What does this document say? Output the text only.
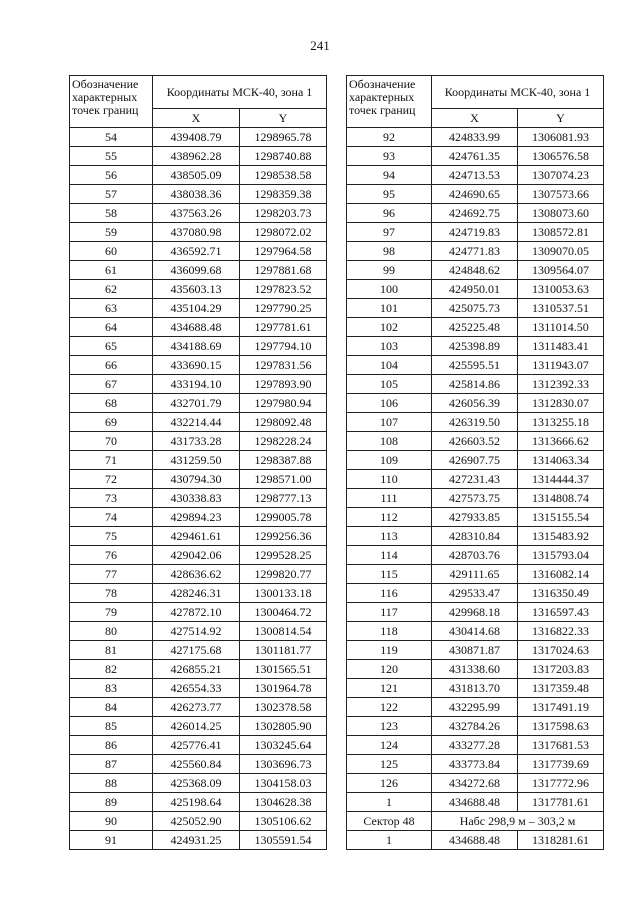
241
Обозначение характерных точек границ	Координаты МСК-40, зона 1	
	X	Y
54	439408.79	1298965.78
55	438962.28	1298740.88
56	438505.09	1298538.58
57	438038.36	1298359.38
58	437563.26	1298203.73
59	437080.98	1298072.02
60	436592.71	1297964.58
61	436099.68	1297881.68
62	435603.13	1297823.52
63	435104.29	1297790.25
64	434688.48	1297781.61
65	434188.69	1297794.10
66	433690.15	1297831.56
67	433194.10	1297893.90
68	432701.79	1297980.94
69	432214.44	1298092.48
70	431733.28	1298228.24
71	431259.50	1298387.88
72	430794.30	1298571.00
73	430338.83	1298777.13
74	429894.23	1299005.78
75	429461.61	1299256.36
76	429042.06	1299528.25
77	428636.62	1299820.77
78	428246.31	1300133.18
79	427872.10	1300464.72
80	427514.92	1300814.54
81	427175.68	1301181.77
82	426855.21	1301565.51
83	426554.33	1301964.78
84	426273.77	1302378.58
85	426014.25	1302805.90
86	425776.41	1303245.64
87	425560.84	1303696.73
88	425368.09	1304158.03
89	425198.64	1304628.38
90	425052.90	1305106.62
91	424931.25	1305591.54
Обозначение характерных точек границ	Координаты МСК-40, зона 1	
	X	Y
92	424833.99	1306081.93
93	424761.35	1306576.58
94	424713.53	1307074.23
95	424690.65	1307573.66
96	424692.75	1308073.60
97	424719.83	1308572.81
98	424771.83	1309070.05
99	424848.62	1309564.07
100	424950.01	1310053.63
101	425075.73	1310537.51
102	425225.48	1311014.50
103	425398.89	1311483.41
104	425595.51	1311943.07
105	425814.86	1312392.33
106	426056.39	1312830.07
107	426319.50	1313255.18
108	426603.52	1313666.62
109	426907.75	1314063.34
110	427231.43	1314444.37
111	427573.75	1314808.74
112	427933.85	1315155.54
113	428310.84	1315483.92
114	428703.76	1315793.04
115	429111.65	1316082.14
116	429533.47	1316350.49
117	429968.18	1316597.43
118	430414.68	1316822.33
119	430871.87	1317024.63
120	431338.60	1317203.83
121	431813.70	1317359.48
122	432295.99	1317491.19
123	432784.26	1317598.63
124	433277.28	1317681.53
125	433773.84	1317739.69
126	434272.68	1317772.96
1	434688.48	1317781.61
Сектор 48	Набс 298,9 м – 303,2 м	
1	434688.48	1318281.61
